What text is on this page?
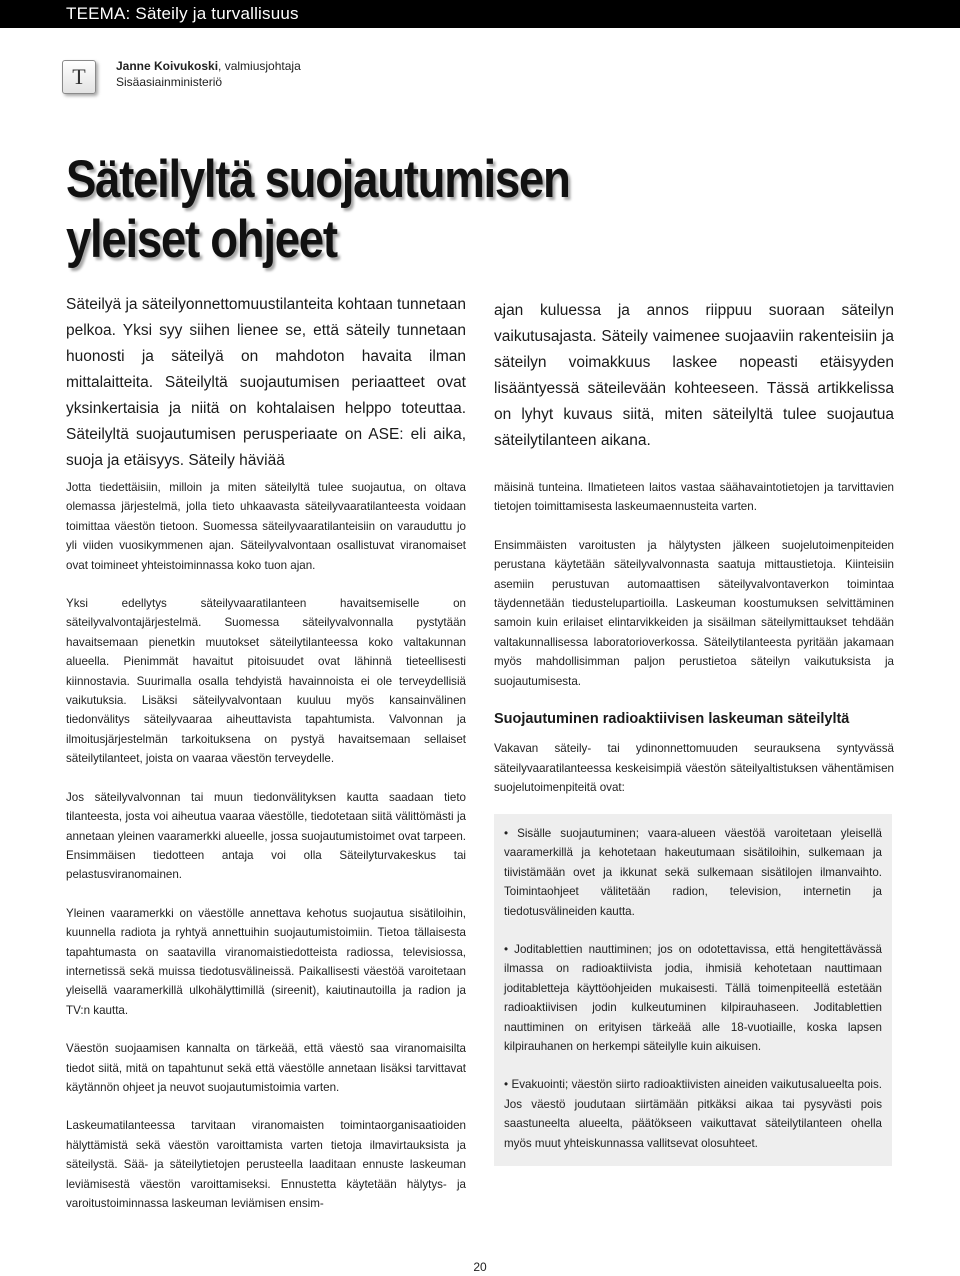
TEEMA: Säteily ja turvallisuus
T	Janne Koivukoski, valmiusjohtaja
Sisäasiainministeriö
Säteilyltä suojautumisen
yleiset ohjeet

Säteilyä ja säteilyonnettomuustilanteita kohtaan tunnetaan pelkoa. Yksi syy siihen lienee se, että säteily tunnetaan huonosti ja säteilyä on mahdoton havaita ilman mittalaitteita. Säteilyltä suojautumisen periaatteet ovat yksinkertaisia ja niitä on kohtalaisen helppo toteuttaa. Säteilyltä suojautumisen perusperiaate on ASE: eli aika, suoja ja etäisyys. Säteily häviää

ajan kuluessa ja annos riippuu suoraan säteilyn vaikutusajasta. Säteily vaimenee suojaaviin rakenteisiin ja säteilyn voimakkuus laskee nopeasti etäisyyden lisääntyessä säteilevään kohteeseen. Tässä artikkelissa on lyhyt kuvaus siitä, miten säteilyltä tulee suojautua säteilytilanteen aikana.

Jotta tiedettäisiin, milloin ja miten säteilyltä tulee suojautua, on oltava olemassa järjestelmä, jolla tieto uhkaavasta säteilyvaaratilanteesta voidaan toimittaa väestön tietoon. Suomessa säteilyvaaratilanteisiin on varauduttu jo yli viiden vuosikymmenen ajan. Säteilyvalvontaan osallistuvat viranomaiset ovat toimineet yhteistoiminnassa koko tuon ajan.

Yksi edellytys säteilyvaaratilanteen havaitsemiselle on säteilyvalvontajärjestelmä. Suomessa säteilyvalvonnalla pystytään havaitsemaan pienetkin muutokset säteilytilanteessa koko valtakunnan alueella. Pienimmät havaitut pitoisuudet ovat lähinnä tieteellisesti kiinnostavia. Suurimalla osalla tehdyistä havainnoista ei ole terveydellisiä vaikutuksia. Lisäksi säteilyvalvontaan kuuluu myös kansainvälinen tiedonvälitys säteilyvaaraa aiheuttavista tapahtumista. Valvonnan ja ilmoitusjärjestelmän tarkoituksena on pystyä havaitsemaan sellaiset säteilytilanteet, joista on vaaraa väestön terveydelle.

Jos säteilyvalvonnan tai muun tiedonvälityksen kautta saadaan tieto tilanteesta, josta voi aiheutua vaaraa väestölle, tiedotetaan siitä välittömästi ja annetaan yleinen vaaramerkki alueelle, jossa suojautumistoimet ovat tarpeen. Ensimmäisen tiedotteen antaja voi olla Säteilyturvakeskus tai pelastusviranomainen.

Yleinen vaaramerkki on väestölle annettava kehotus suojautua sisätiloihin, kuunnella radiota ja ryhtyä annettuihin suojautumistoimiin. Tietoa tällaisesta tapahtumasta on saatavilla viranomaistiedotteista radiossa, televisiossa, internetissä sekä muissa tiedotusvälineissä. Paikallisesti väestöä varoitetaan yleisellä vaaramerkillä ulkohälyttimillä (sireenit), kaiutinautoilla ja radion ja TV:n kautta.

Väestön suojaamisen kannalta on tärkeää, että väestö saa viranomaisilta tiedot siitä, mitä on tapahtunut sekä että väestölle annetaan lisäksi tarvittavat käytännön ohjeet ja neuvot suojautumistoimia varten.

Laskeumatilanteessa tarvitaan viranomaisten toimintaorganisaatioiden hälyttämistä sekä väestön varoittamista varten tietoja ilmavirtauksista ja säteilystä. Sää- ja säteilytietojen perusteella laaditaan ennuste laskeuman leviämisestä väestön varoittamiseksi. Ennustetta käytetään hälytys- ja varoitustoiminnassa laskeuman leviämisen ensim-

mäisinä tunteina. Ilmatieteen laitos vastaa säähavaintotietojen ja tarvittavien tietojen toimittamisesta laskeumaennusteita varten.

Ensimmäisten varoitusten ja hälytysten jälkeen suojelutoimenpiteiden perustana käytetään säteilyvalvonnasta saatuja mittaustietoja. Kiinteisiin asemiin perustuvan automaattisen säteilyvalvontaverkon toimintaa täydennetään tiedustelupartioilla. Laskeuman koostumuksen selvittäminen samoin kuin erilaiset elintarvikkeiden ja sisäilman säteilymittaukset tehdään valtakunnallisessa laboratorioverkossa. Säteilytilanteesta pyritään jakamaan myös mahdollisimman paljon perustietoa säteilyn vaikutuksista ja suojautumisesta.

Suojautuminen radioaktiivisen laskeuman säteilyltä

Vakavan säteily- tai ydinonnettomuuden seurauksena syntyvässä säteilyvaaratilanteessa keskeisimpiä väestön säteilyaltistuksen vähentämisen suojelutoimenpiteitä ovat:

• Sisälle suojautuminen; vaara-alueen väestöä varoitetaan yleisellä vaaramerkillä ja kehotetaan hakeutumaan sisätiloihin, sulkemaan ja tiivistämään ovet ja ikkunat sekä sulkemaan sisätilojen ilmanvaihto. Toimintaohjeet välitetään radion, television, internetin ja tiedotusvälineiden kautta.

• Joditablettien nauttiminen; jos on odotettavissa, että hengitettävässä ilmassa on radioaktiivista jodia, ihmisiä kehotetaan nauttimaan joditabletteja käyttöohjeiden mukaisesti. Tällä toimenpiteellä estetään radioaktiivisen jodin kulkeutuminen kilpirauhaseen. Joditablettien nauttiminen on erityisen tärkeää alle 18-vuotiaille, koska lapsen kilpirauhanen on herkempi säteilylle kuin aikuisen.

• Evakuointi; väestön siirto radioaktiivisten aineiden vaikutusalueelta pois. Jos väestö joudutaan siirtämään pitkäksi aikaa tai pysyvästi pois saastuneelta alueelta, päätökseen vaikuttavat säteilytilanteen ohella myös muut yhteiskunnassa vallitsevat olosuhteet.

20
